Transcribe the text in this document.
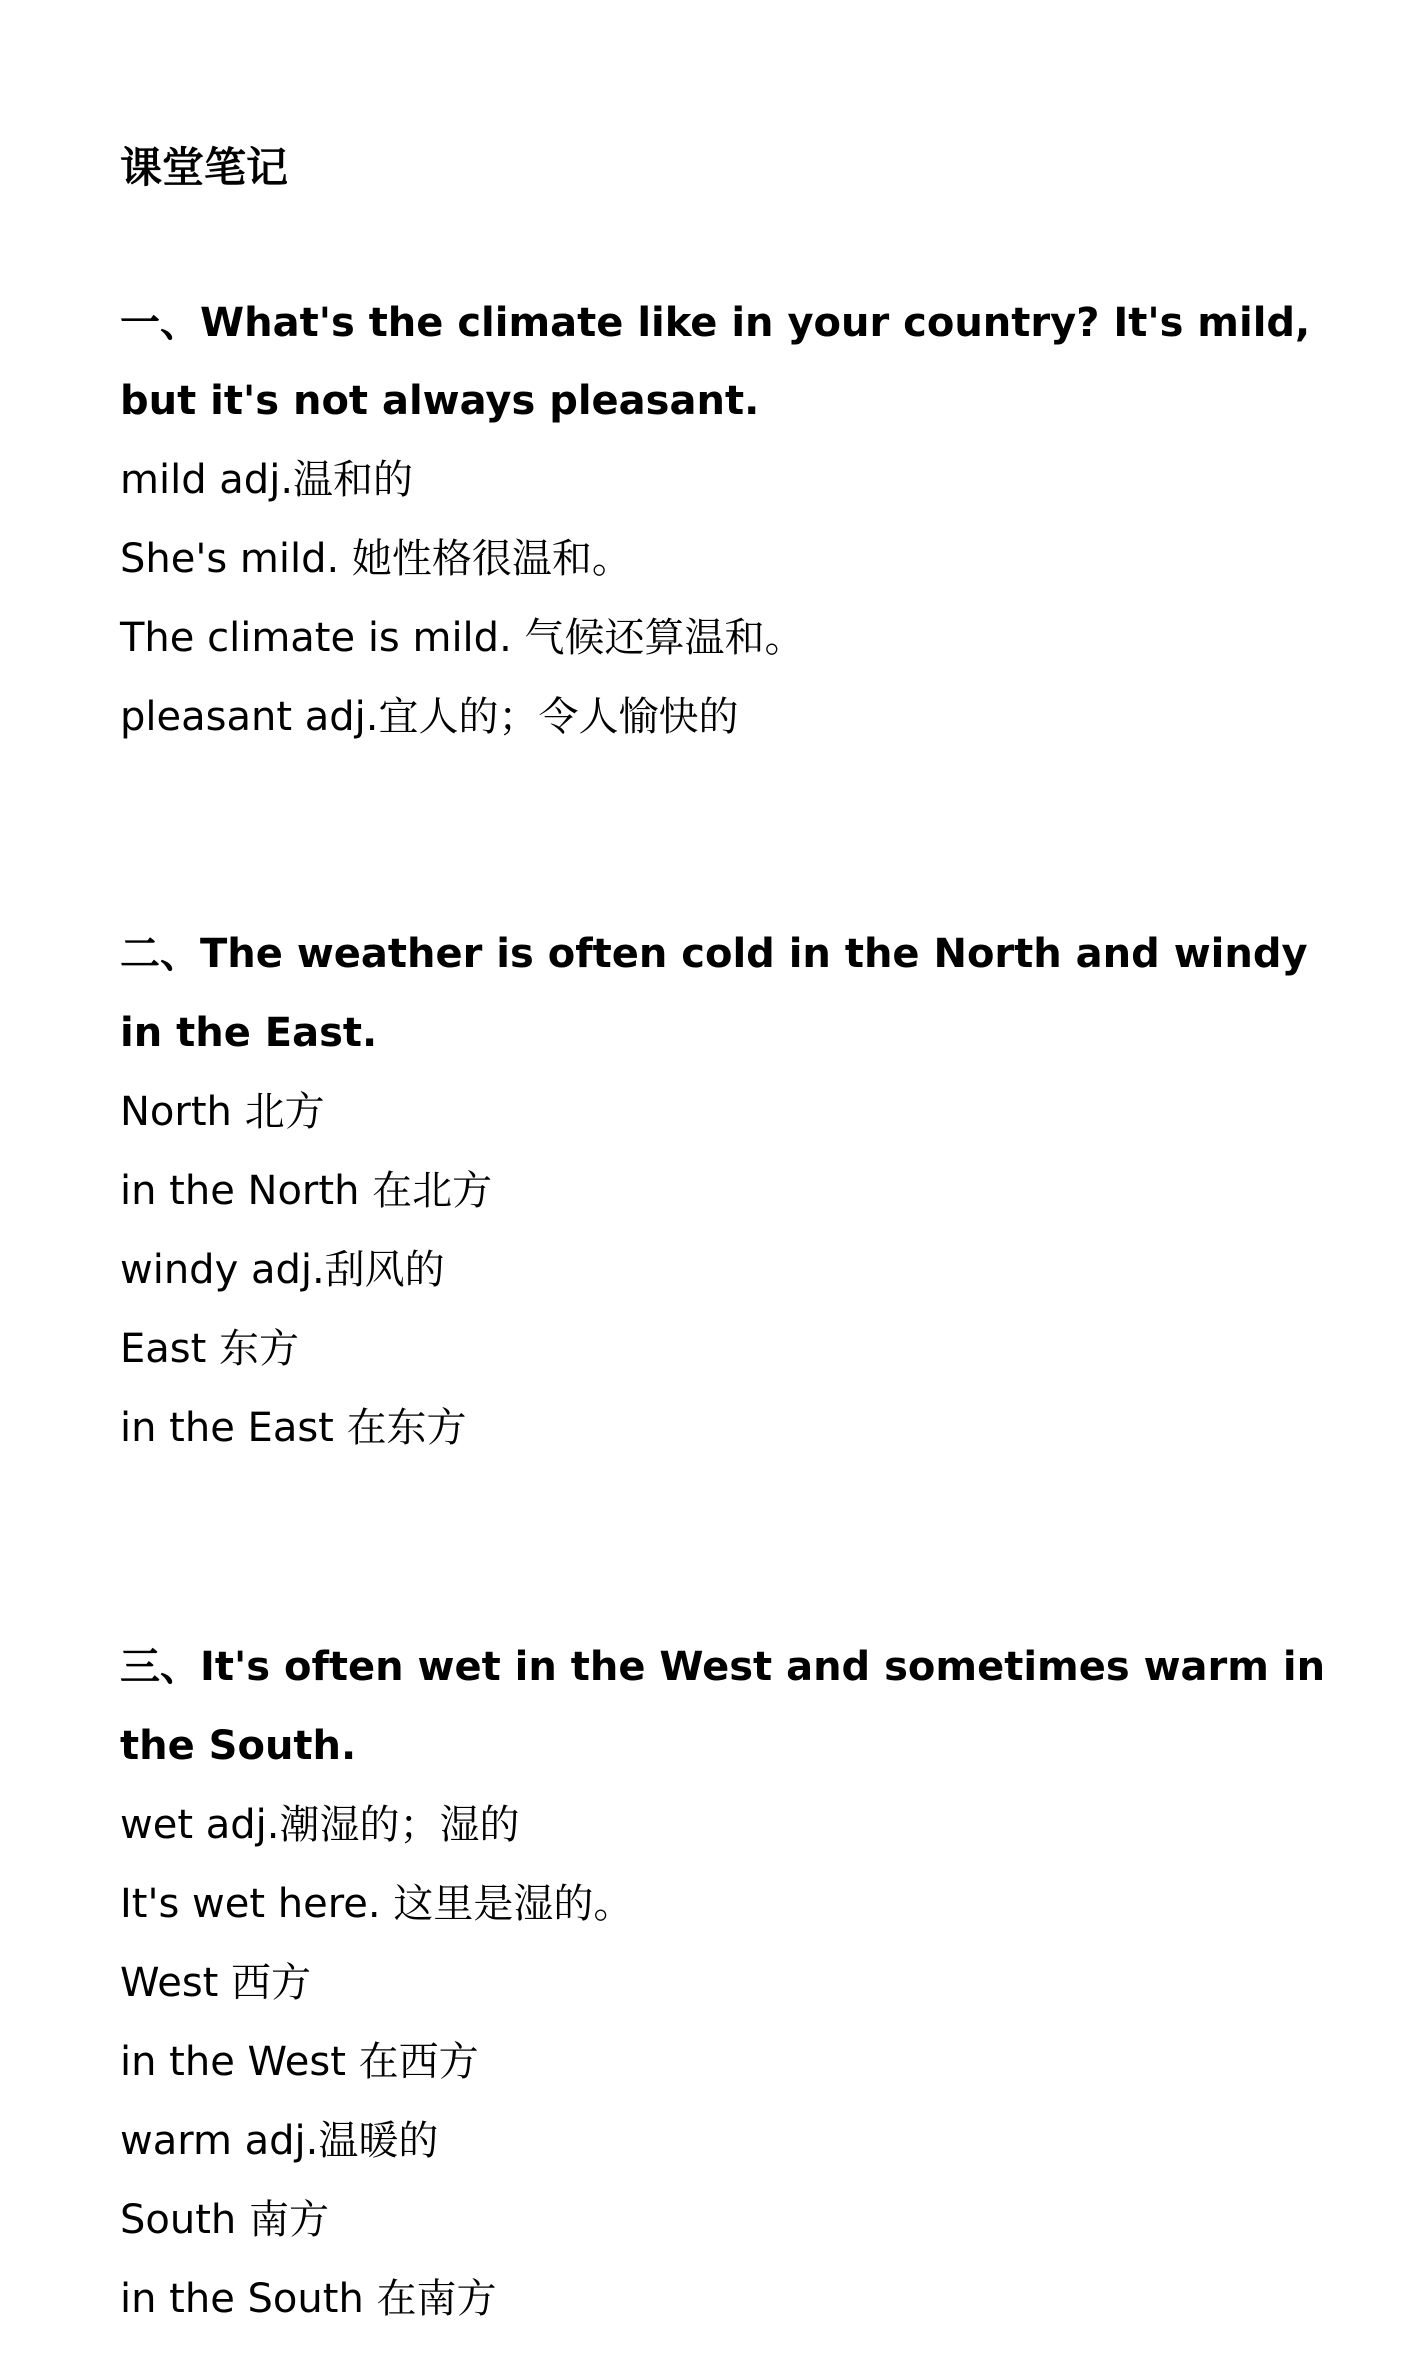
课堂笔记
一、What's the climate like in your country? It's mild,
but it's not always pleasant.
mild adj.温和的
She's mild. 她性格很温和。
The climate is mild. 气候还算温和。
pleasant adj.宜人的；令人愉快的
二、The weather is often cold in the North and windy
in the East.
North 北方
in the North 在北方
windy adj.刮风的
East 东方
in the East 在东方
三、It's often wet in the West and sometimes warm in
the South.
wet adj.潮湿的；湿的
It's wet here. 这里是湿的。
West 西方
in the West 在西方
warm adj.温暖的
South 南方
in the South 在南方
